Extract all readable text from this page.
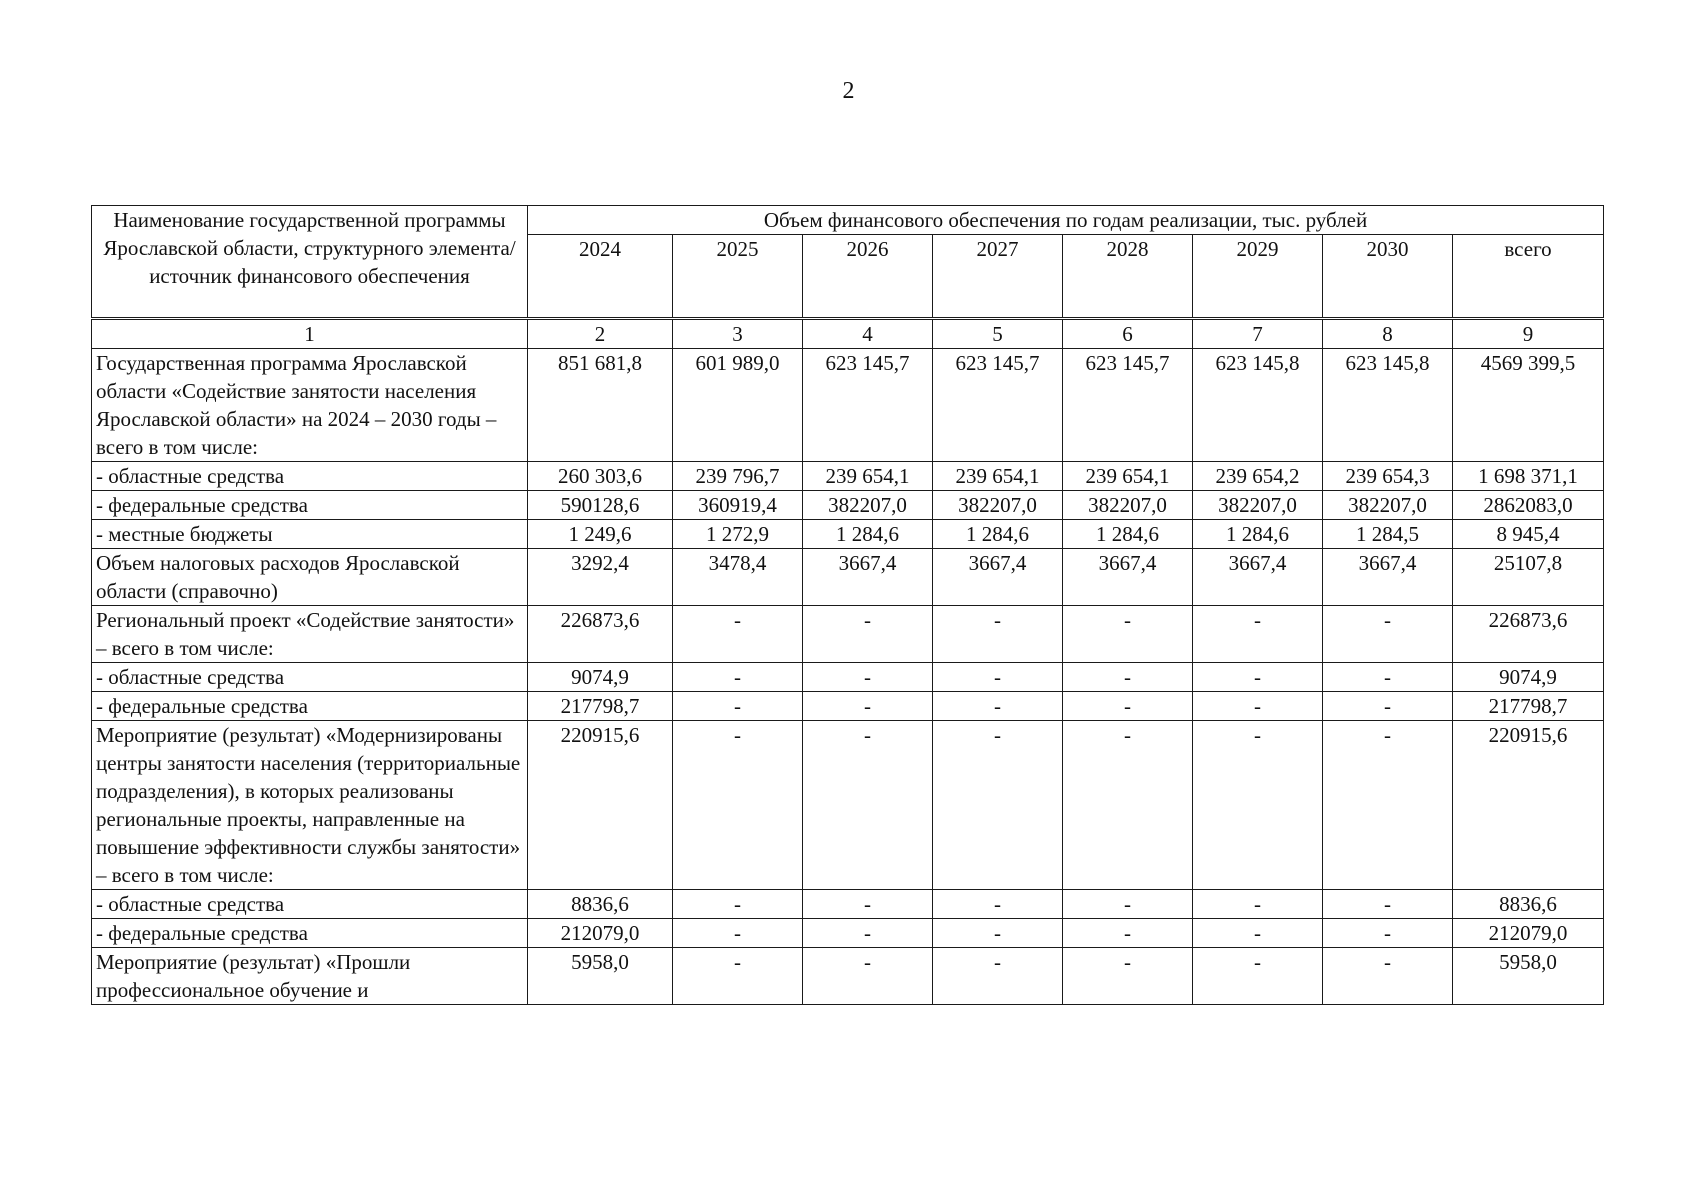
2
Наименование государственной программы Ярославской области, структурного элемента/ источник финансового обеспечения	Объем финансового обеспечения по годам реализации, тыс. рублей							
	2024	2025	2026	2027	2028	2029	2030	всего
1	2	3	4	5	6	7	8	9
Государственная программа Ярославской области «Содействие занятости населения Ярославской области» на 2024 – 2030 годы – всего в том числе:	851 681,8	601 989,0	623 145,7	623 145,7	623 145,7	623 145,8	623 145,8	4569 399,5
- областные средства	260 303,6	239 796,7	239 654,1	239 654,1	239 654,1	239 654,2	239 654,3	1 698 371,1
- федеральные средства	590128,6	360919,4	382207,0	382207,0	382207,0	382207,0	382207,0	2862083,0
- местные бюджеты	1 249,6	1 272,9	1 284,6	1 284,6	1 284,6	1 284,6	1 284,5	8 945,4
Объем налоговых расходов Ярославской области (справочно)	3292,4	3478,4	3667,4	3667,4	3667,4	3667,4	3667,4	25107,8
Региональный проект «Содействие занятости» – всего в том числе:	226873,6	-	-	-	-	-	-	226873,6
- областные средства	9074,9	-	-	-	-	-	-	9074,9
- федеральные средства	217798,7	-	-	-	-	-	-	217798,7
Мероприятие (результат) «Модернизированы центры занятости населения (территориальные подразделения), в которых реализованы региональные проекты, направленные на повышение эффективности службы занятости» – всего в том числе:	220915,6	-	-	-	-	-	-	220915,6
- областные средства	8836,6	-	-	-	-	-	-	8836,6
- федеральные средства	212079,0	-	-	-	-	-	-	212079,0
Мероприятие (результат) «Прошли профессиональное обучение и	5958,0	-	-	-	-	-	-	5958,0
